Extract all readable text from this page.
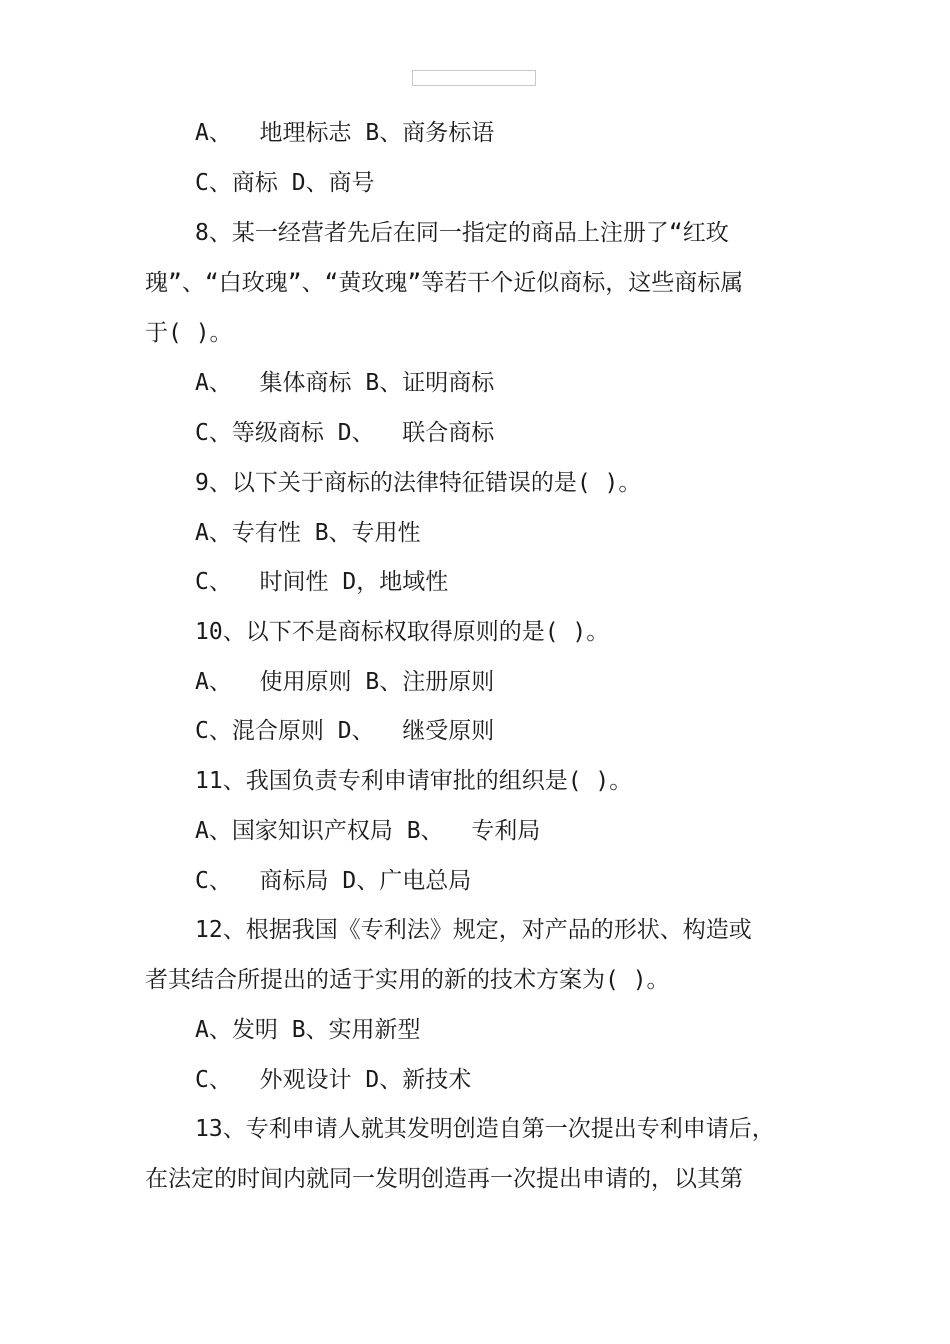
A、  地理标志 B、商务标语
C、商标 D、商号
8、某一经营者先后在同一指定的商品上注册了“红玫
瑰”、“白玫瑰”、“黄玫瑰”等若干个近似商标，这些商标属
于( )。
A、  集体商标 B、证明商标
C、等级商标 D、  联合商标
9、以下关于商标的法律特征错误的是( )。
A、专有性 B、专用性
C、  时间性 D，地域性
10、以下不是商标权取得原则的是( )。
A、  使用原则 B、注册原则
C、混合原则 D、  继受原则
11、我国负责专利申请审批的组织是( )。
A、国家知识产权局 B、  专利局
C、  商标局 D、广电总局
12、根据我国《专利法》规定，对产品的形状、构造或
者其结合所提出的适于实用的新的技术方案为( )。
A、发明 B、实用新型
C、  外观设计 D、新技术
13、专利申请人就其发明创造自第一次提出专利申请后，
在法定的时间内就同一发明创造再一次提出申请的，以其第
